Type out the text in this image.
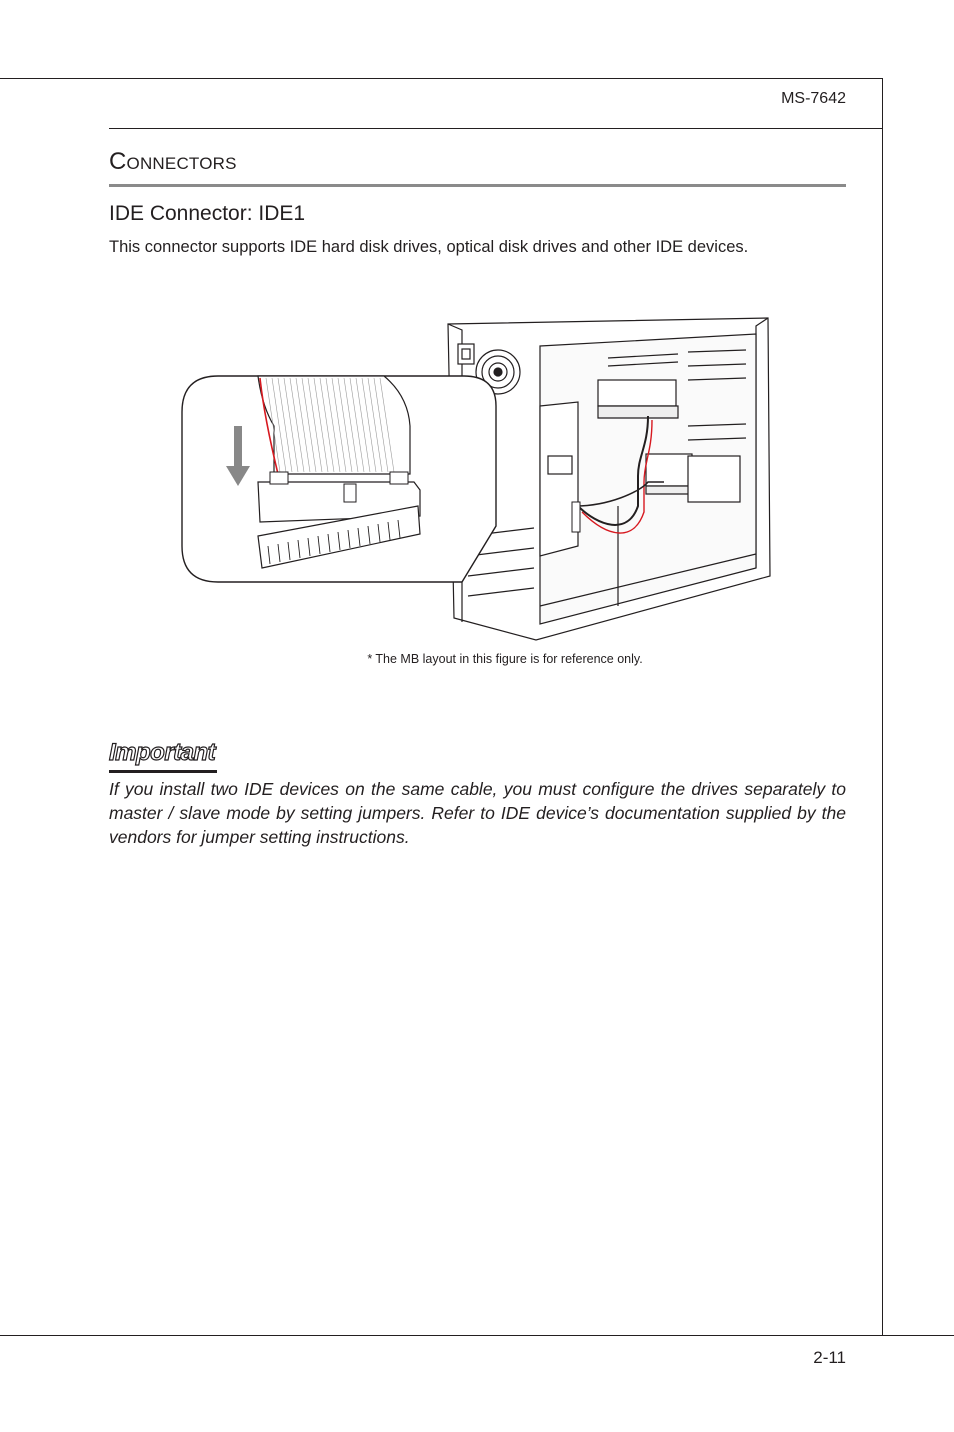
MS-7642
Connectors
IDE Connector: IDE1
This connector supports IDE hard disk drives, optical disk drives and other IDE devices.
* The MB layout in this figure is for reference only.
Important
If you install two IDE devices on the same cable, you must configure the drives separately to master / slave mode by setting jumpers. Refer to IDE device’s documentation supplied by the vendors for jumper setting instructions.
2-11
